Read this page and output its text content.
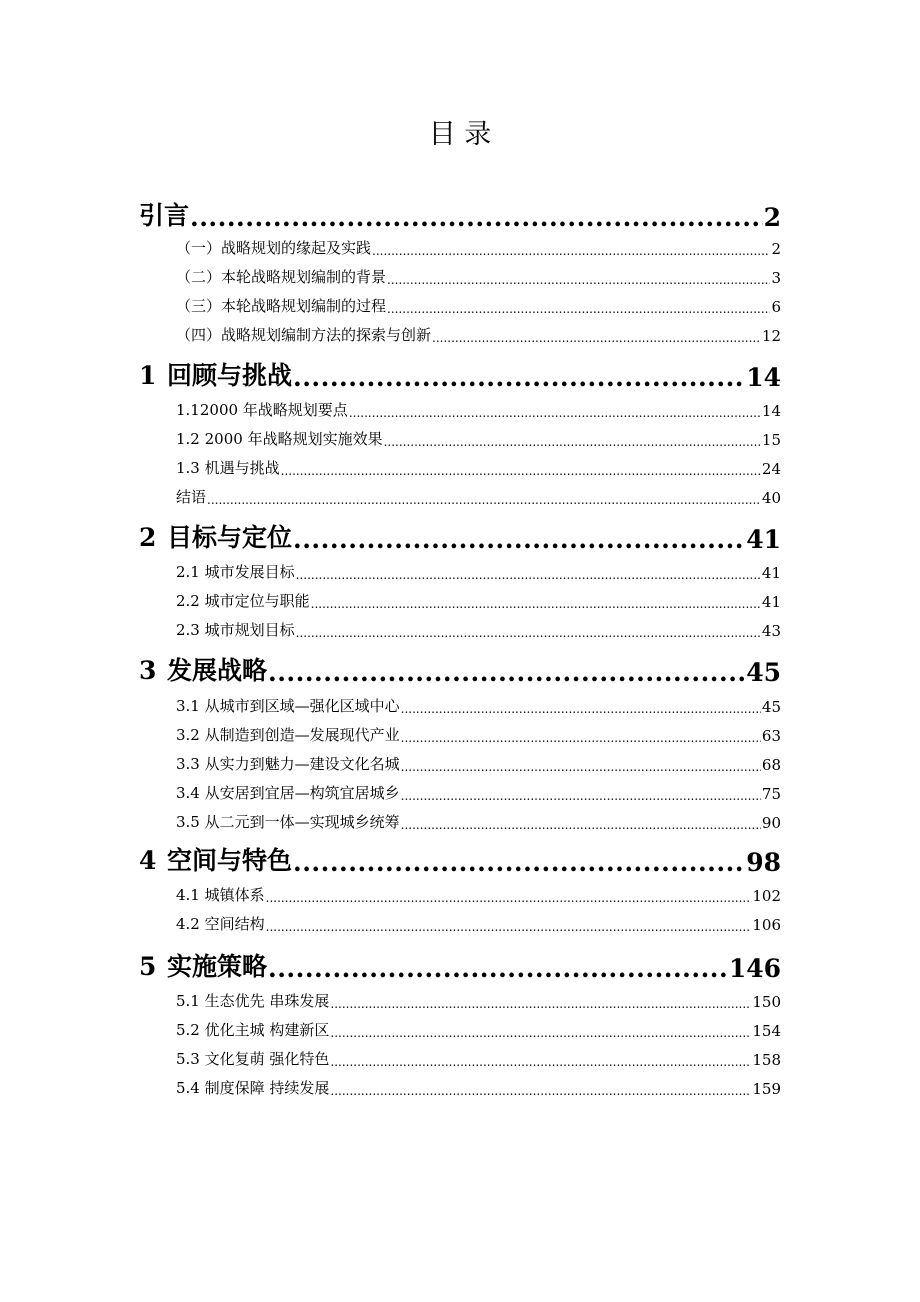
目 录
引言 .....	2
（一）战略规划的缘起及实践 .....	2
（二）本轮战略规划编制的背景 .....	3
（三）本轮战略规划编制的过程 .....	6
（四）战略规划编制方法的探索与创新 .....	12
1 回顾与挑战 .....	14
1.12000 年战略规划要点 .....	14
1.2 2000 年战略规划实施效果 .....	15
1.3 机遇与挑战 .....	24
结语 .....	40
2 目标与定位 .....	41
2.1 城市发展目标 .....	41
2.2 城市定位与职能 .....	41
2.3 城市规划目标 .....	43
3 发展战略 .....	45
3.1 从城市到区域—强化区域中心 .....	45
3.2 从制造到创造—发展现代产业 .....	63
3.3 从实力到魅力—建设文化名城 .....	68
3.4 从安居到宜居—构筑宜居城乡 .....	75
3.5 从二元到一体—实现城乡统筹 .....	90
4 空间与特色 .....	98
4.1 城镇体系 .....	102
4.2 空间结构 .....	106
5 实施策略 .....	146
5.1 生态优先 串珠发展 .....	150
5.2 优化主城 构建新区 .....	154
5.3 文化复萌 强化特色 .....	158
5.4 制度保障 持续发展 .....	159
